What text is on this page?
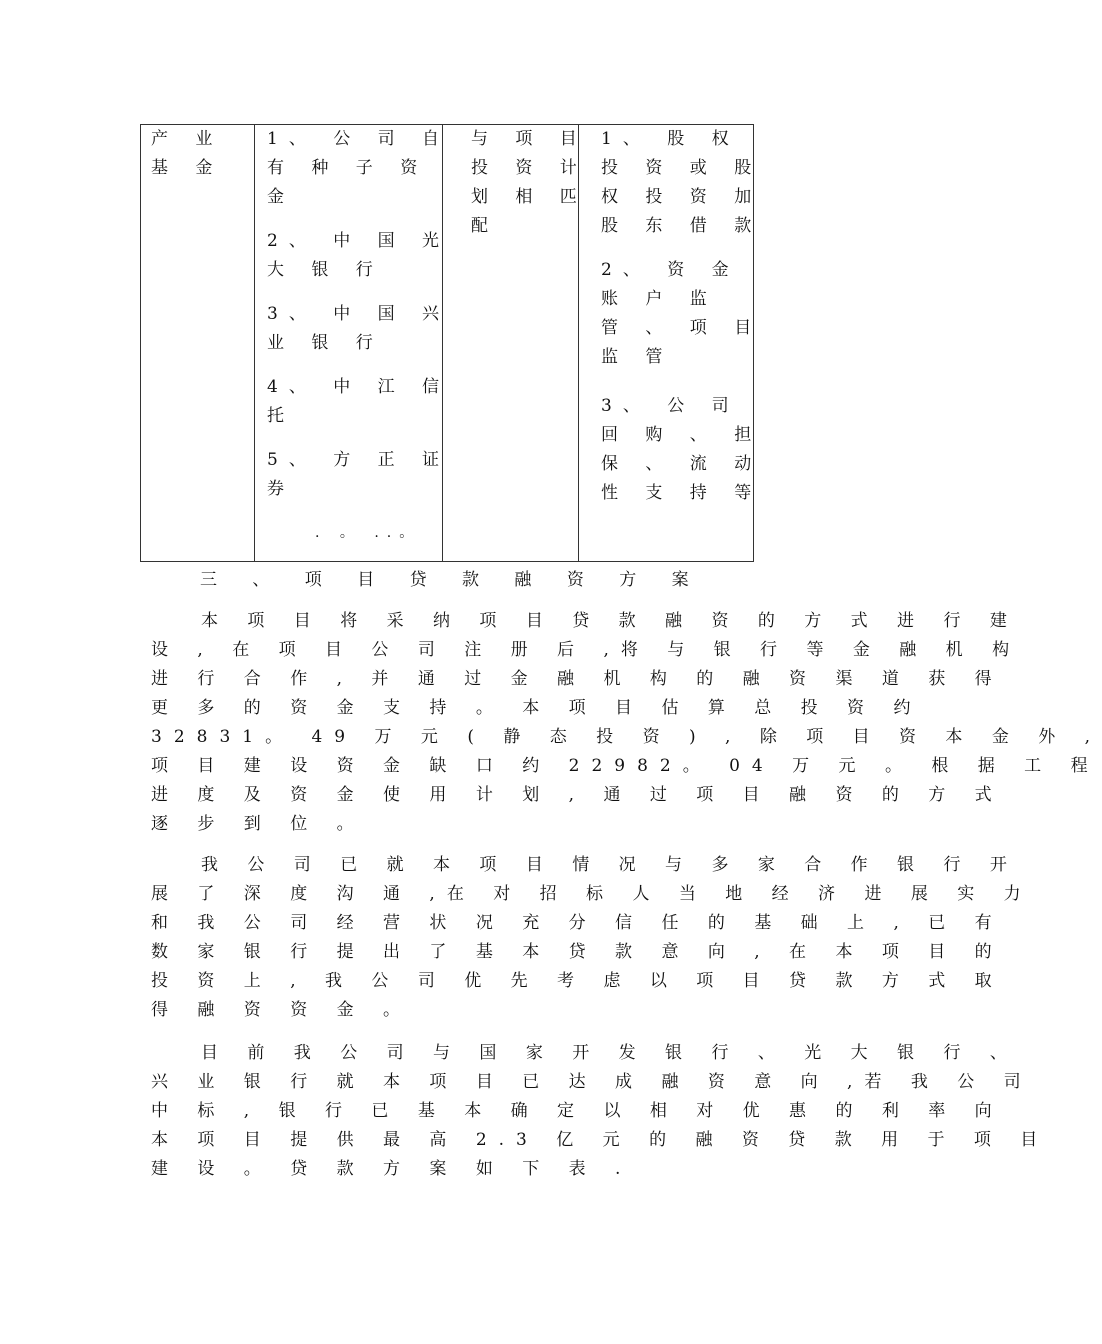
产 业
基 金
1、 公 司 自
有 种 子 资
金
2、 中 国 光
大 银 行
3、 中 国 兴
业 银 行
4、 中 江 信
托
5、 方 正 证
券
. 。 ..。
与 项 目
投 资 计
划 相 匹
配
1、 股 权
投 资 或 股
权 投 资 加
股 东 借 款
2、 资 金
账 户 监
管 、 项 目
监 管
3、 公 司
回 购 、 担
保 、 流 动
性 支 持 等
三 、 项 目 贷 款 融 资 方 案
本 项 目 将 采 纳 项 目 贷 款 融 资 的 方 式 进 行 建
设 , 在 项 目 公 司 注 册 后 ,将 与 银 行 等 金 融 机 构
进 行 合 作 , 并 通 过 金 融 机 构 的 融 资 渠 道 获 得
更 多 的 资 金 支 持 。 本 项 目 估 算 总 投 资 约
32831。 49 万 元 ( 静 态 投 资 ) , 除 项 目 资 本 金 外 ,
项 目 建 设 资 金 缺 口 约 22982。 04 万 元 。 根 据 工 程
进 度 及 资 金 使 用 计 划 , 通 过 项 目 融 资 的 方 式
逐 步 到 位 。
我 公 司 已 就 本 项 目 情 况 与 多 家 合 作 银 行 开
展 了 深 度 沟 通 ,在 对 招 标 人 当 地 经 济 进 展 实 力
和 我 公 司 经 营 状 况 充 分 信 任 的 基 础 上 , 已 有
数 家 银 行 提 出 了 基 本 贷 款 意 向 , 在 本 项 目 的
投 资 上 , 我 公 司 优 先 考 虑 以 项 目 贷 款 方 式 取
得 融 资 资 金 。
目 前 我 公 司 与 国 家 开 发 银 行 、 光 大 银 行 、
兴 业 银 行 就 本 项 目 已 达 成 融 资 意 向 ,若 我 公 司
中 标 , 银 行 已 基 本 确 定 以 相 对 优 惠 的 利 率 向
本 项 目 提 供 最 高 2.3 亿 元 的 融 资 贷 款 用 于 项 目
建 设 。 贷 款 方 案 如 下 表 .
